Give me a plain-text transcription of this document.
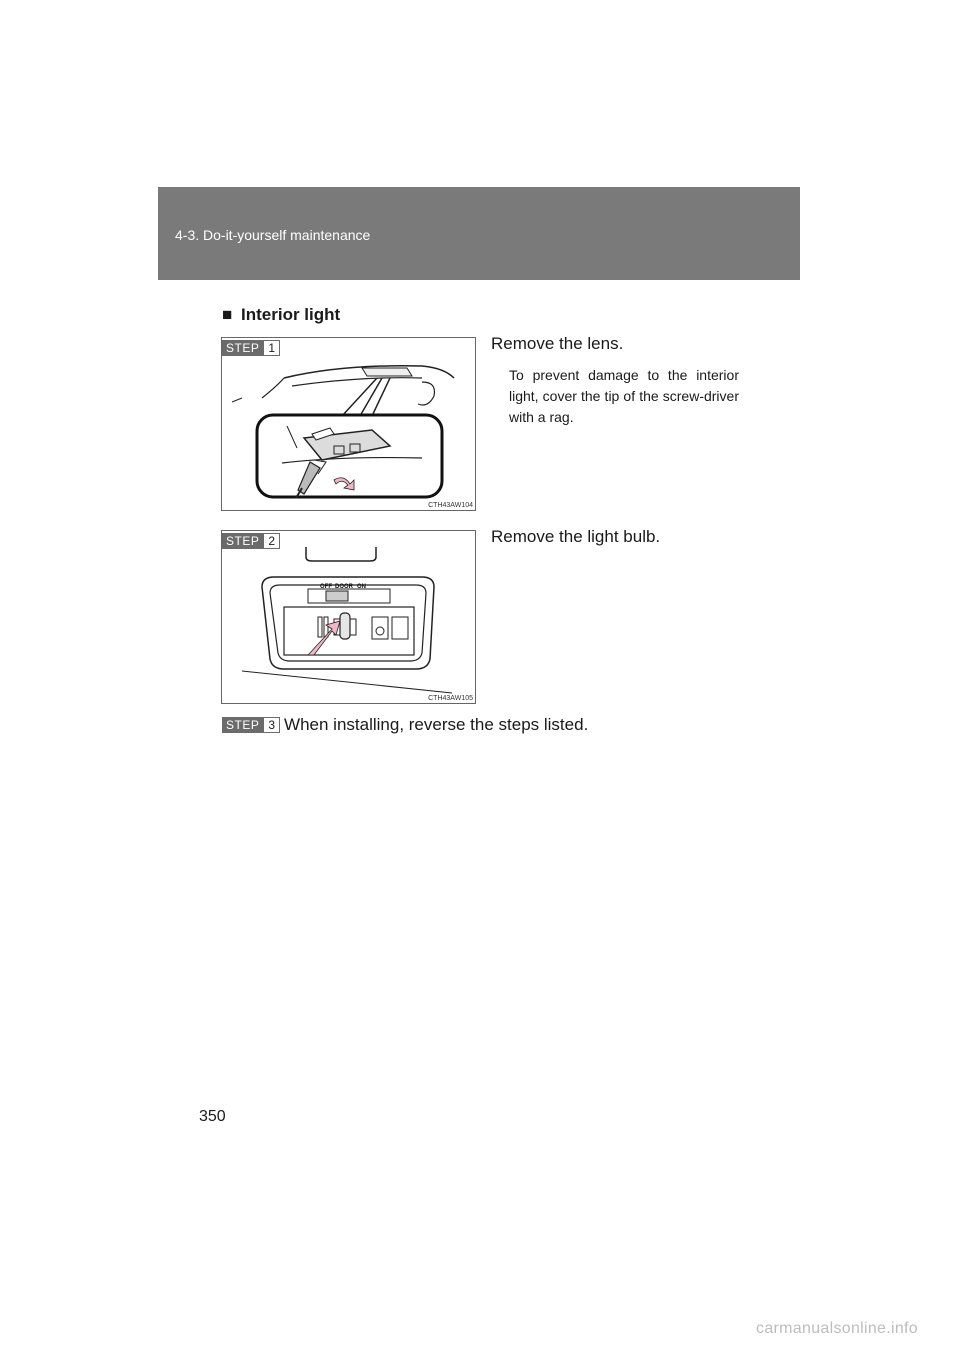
4-3. Do-it-yourself maintenance
■ Interior light
STEP 1
CTH43AW104
Remove the lens.
To prevent damage to the interior light, cover the tip of the screw-driver with a rag.
OFF DOOR ON
STEP 2
CTH43AW105
Remove the light bulb.
STEP 3 When installing, reverse the steps listed.
350
carmanualsonline.info
